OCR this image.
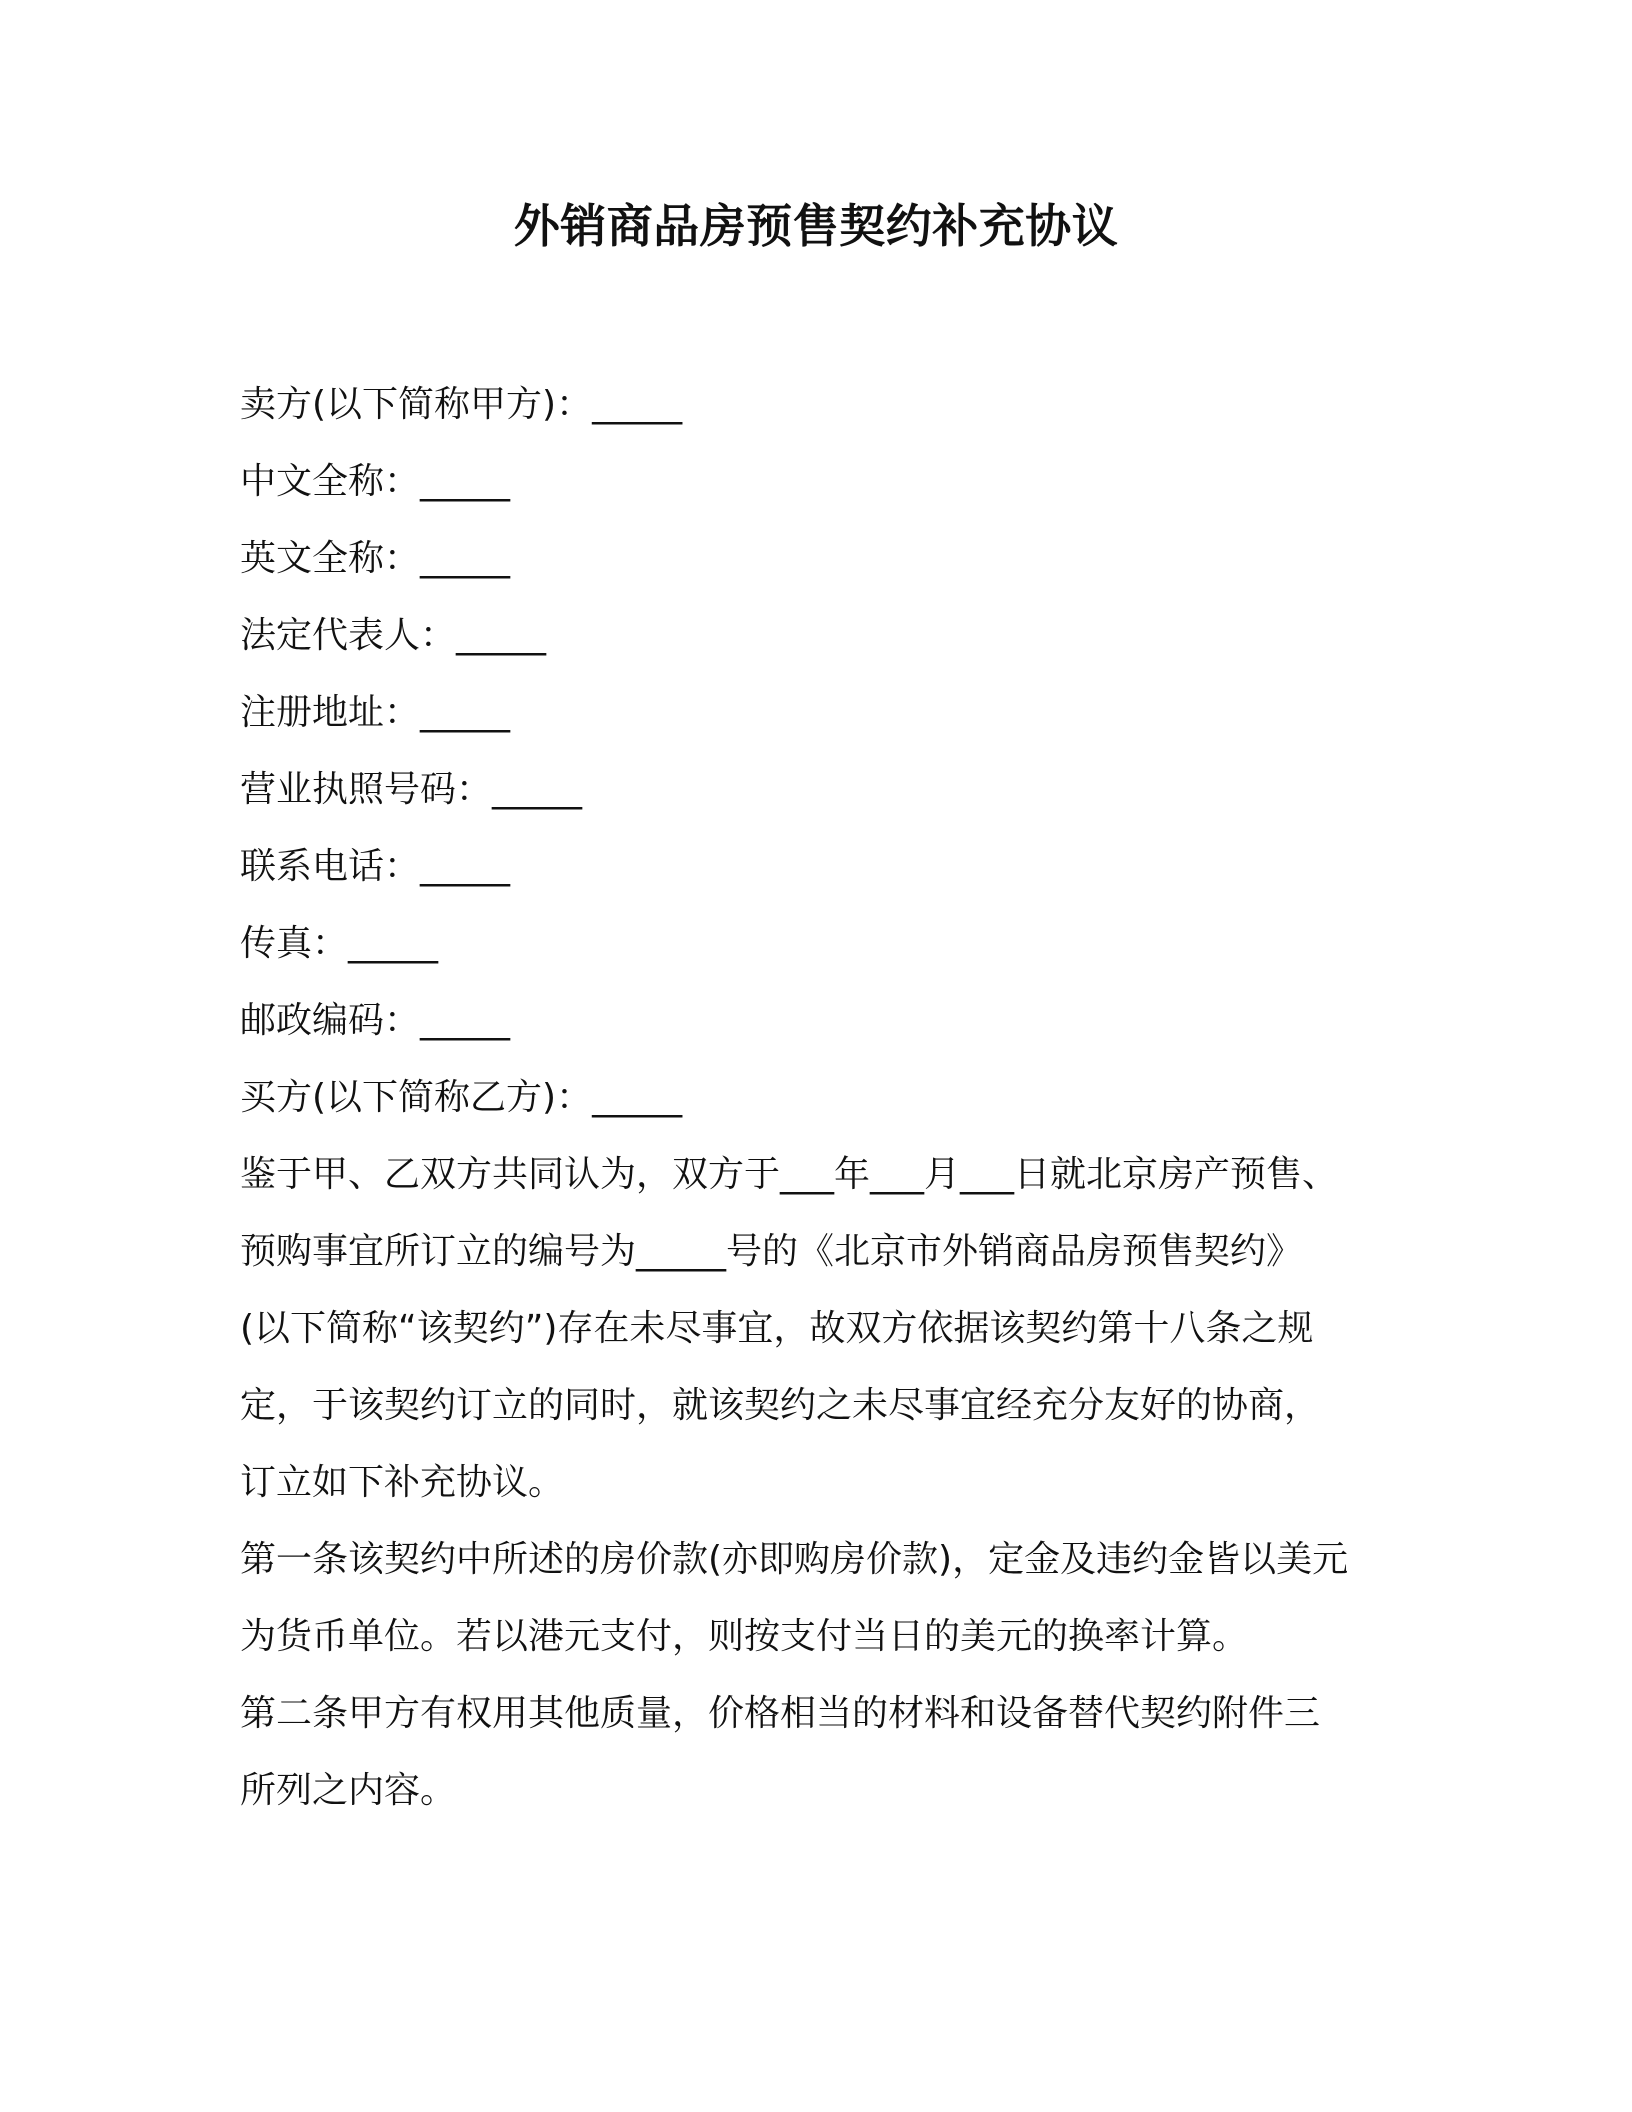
外销商品房预售契约补充协议
卖方(以下简称甲方)：_____
中文全称：_____
英文全称：_____
法定代表人：_____
注册地址：_____
营业执照号码：_____
联系电话：_____
传真：_____
邮政编码：_____
买方(以下简称乙方)：_____
鉴于甲、乙双方共同认为，双方于___年___月___日就北京房产预售、
预购事宜所订立的编号为_____号的《北京市外销商品房预售契约》
(以下简称“该契约”)存在未尽事宜，故双方依据该契约第十八条之规
定，于该契约订立的同时，就该契约之未尽事宜经充分友好的协商，
订立如下补充协议。
第一条该契约中所述的房价款(亦即购房价款)，定金及违约金皆以美元
为货币单位。若以港元支付，则按支付当日的美元的换率计算。
第二条甲方有权用其他质量，价格相当的材料和设备替代契约附件三
所列之内容。
